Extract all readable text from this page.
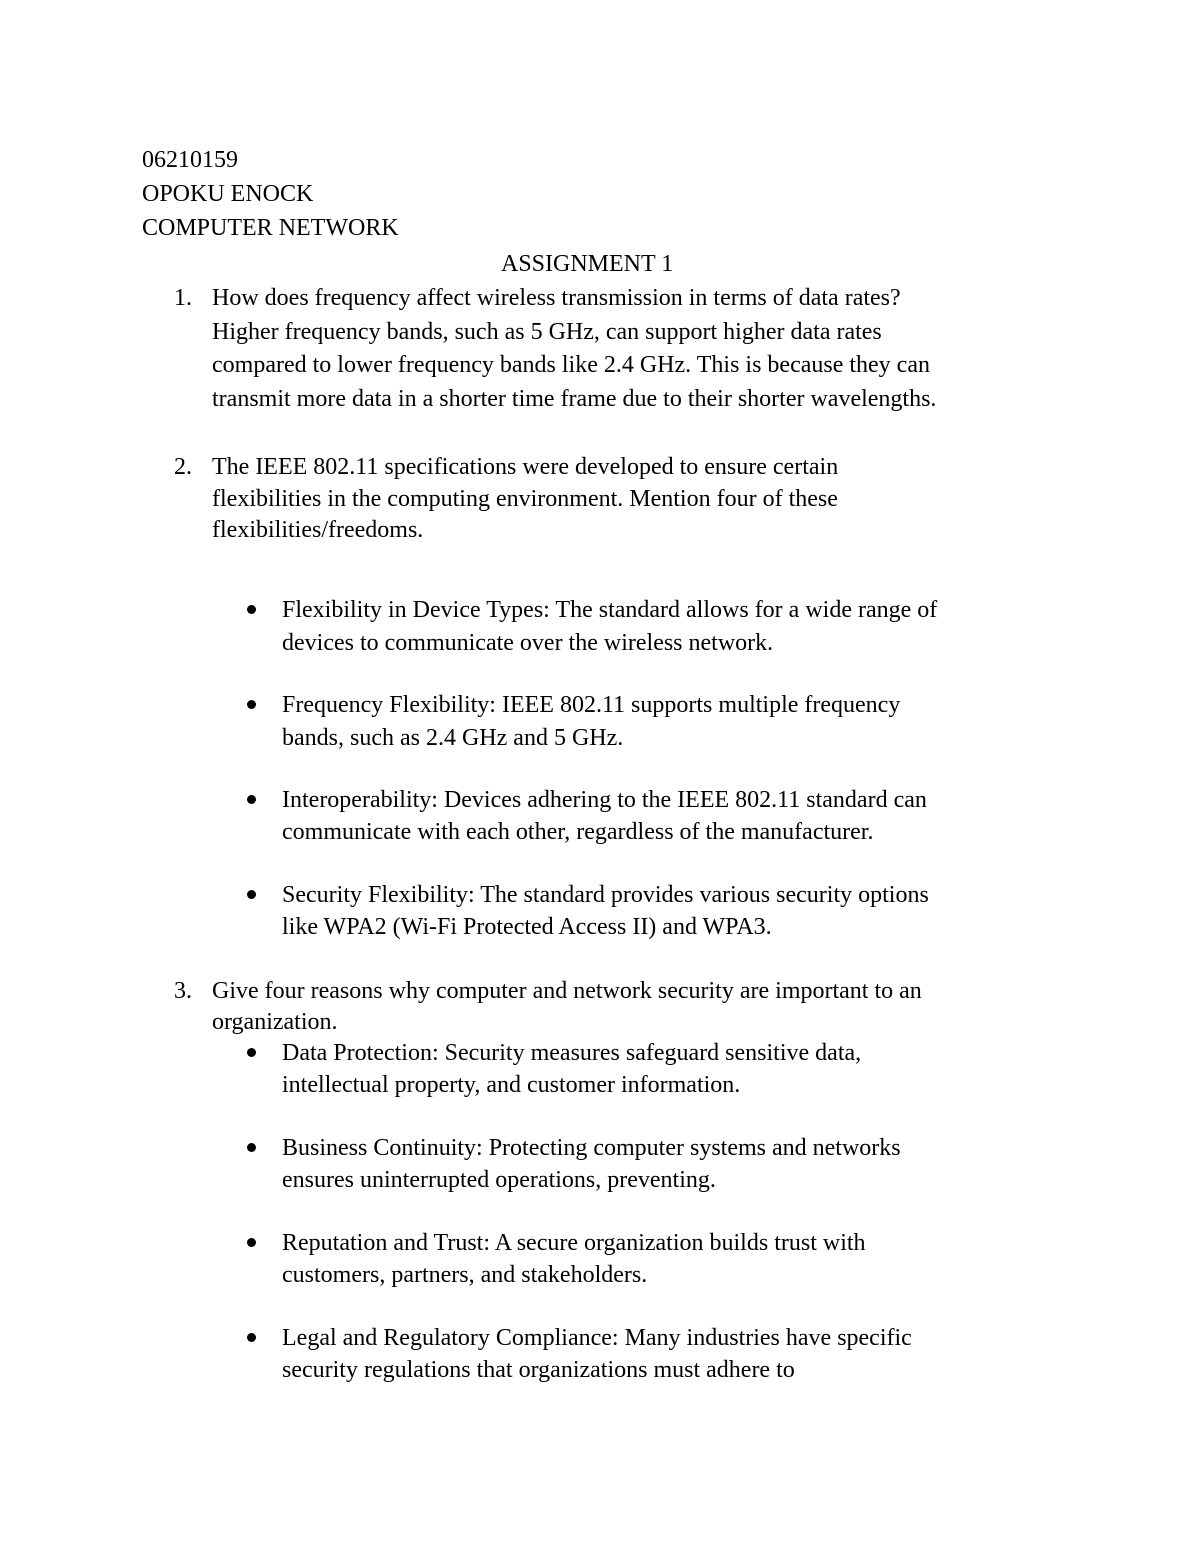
06210159
OPOKU ENOCK
COMPUTER NETWORK
ASSIGNMENT 1
1. How does frequency affect wireless transmission in terms of data rates?
Higher frequency bands, such as 5 GHz, can support higher data rates
compared to lower frequency bands like 2.4 GHz. This is because they can
transmit more data in a shorter time frame due to their shorter wavelengths.
2. The IEEE 802.11 specifications were developed to ensure certain
flexibilities in the computing environment. Mention four of these
flexibilities/freedoms.
Flexibility in Device Types: The standard allows for a wide range of
devices to communicate over the wireless network.
Frequency Flexibility: IEEE 802.11 supports multiple frequency
bands, such as 2.4 GHz and 5 GHz.
Interoperability: Devices adhering to the IEEE 802.11 standard can
communicate with each other, regardless of the manufacturer.
Security Flexibility: The standard provides various security options
like WPA2 (Wi-Fi Protected Access II) and WPA3.
3. Give four reasons why computer and network security are important to an
organization.
Data Protection: Security measures safeguard sensitive data,
intellectual property, and customer information.
Business Continuity: Protecting computer systems and networks
ensures uninterrupted operations, preventing.
Reputation and Trust: A secure organization builds trust with
customers, partners, and stakeholders.
Legal and Regulatory Compliance: Many industries have specific
security regulations that organizations must adhere to
